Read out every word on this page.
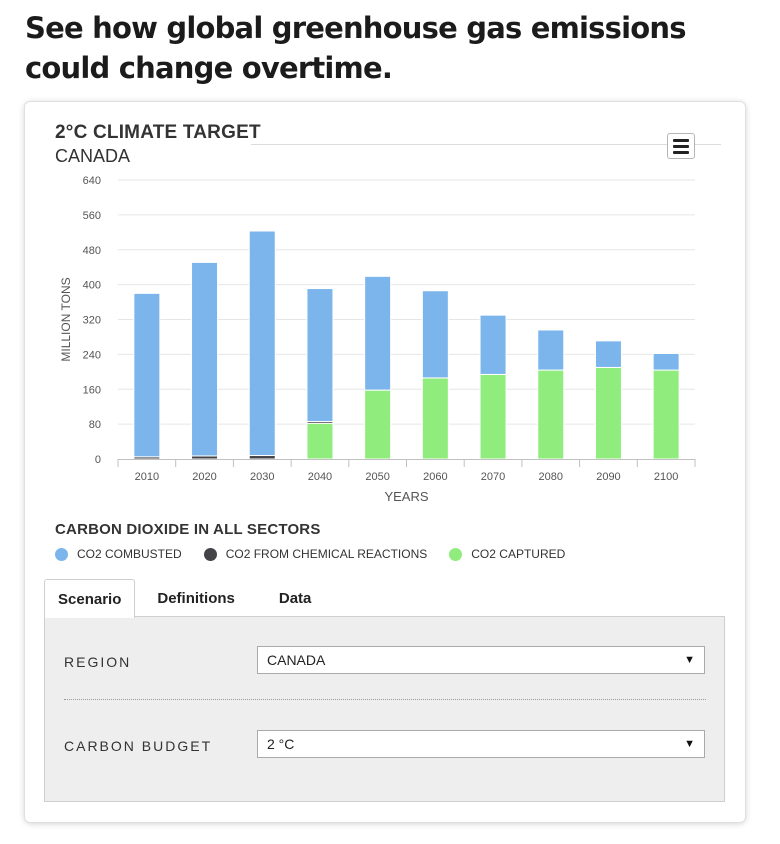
See how global greenhouse gas emissions could change overtime.
2°C CLIMATE TARGET
CANADA
0
80
160
240
320
400
480
560
640
2010	2020	2030	2040	2050	2060	2070	2080	2090	2100
MILLION TONS
YEARS
CARBON DIOXIDE IN ALL SECTORS
CO2 COMBUSTED	CO2 FROM CHEMICAL REACTIONS	CO2 CAPTURED
Scenario	Definitions	Data
REGION	CANADA	▼
CARBON BUDGET	2 °C	▼
